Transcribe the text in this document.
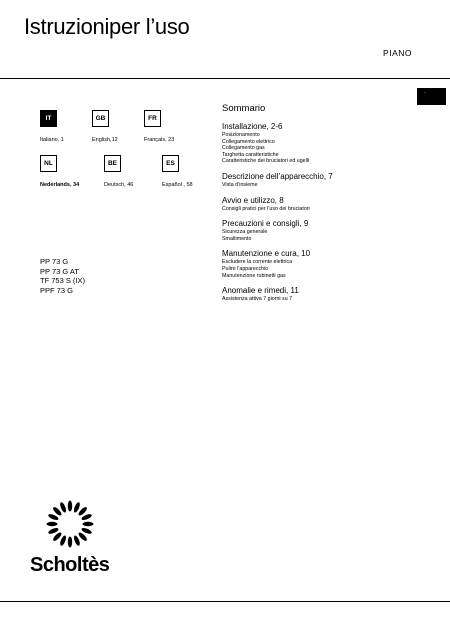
Istruzioniper l’uso
PIANO
·
IT
Italiano, 1
GB
English,12
FR
Français, 23
NL
Nederlands, 34
BE
Deutsch, 46
ES
Español , 58
PP 73 G
PP 73 G AT
TF 753 S (IX)
PPF 73 G
Sommario
Installazione, 2-6
Posizionamento
Collegamento elettrico
Collegamento gas
Targhetta caratteristiche
Caratteristiche dei bruciatori ed ugelli
Descrizione dell’apparecchio, 7
Vista d’insieme
Avvio e utilizzo, 8
Consigli pratici per l’uso dei bruciatori
Precauzioni e consigli, 9
Sicurezza generale
Smaltimento
Manutenzione e cura, 10
Escludere la corrente elettrica
Pulire l’apparecchio
Manutenzione rubinetti gas
Anomalie e rimedi, 11
Assistenza attiva 7 giorni su 7
Scholtès
